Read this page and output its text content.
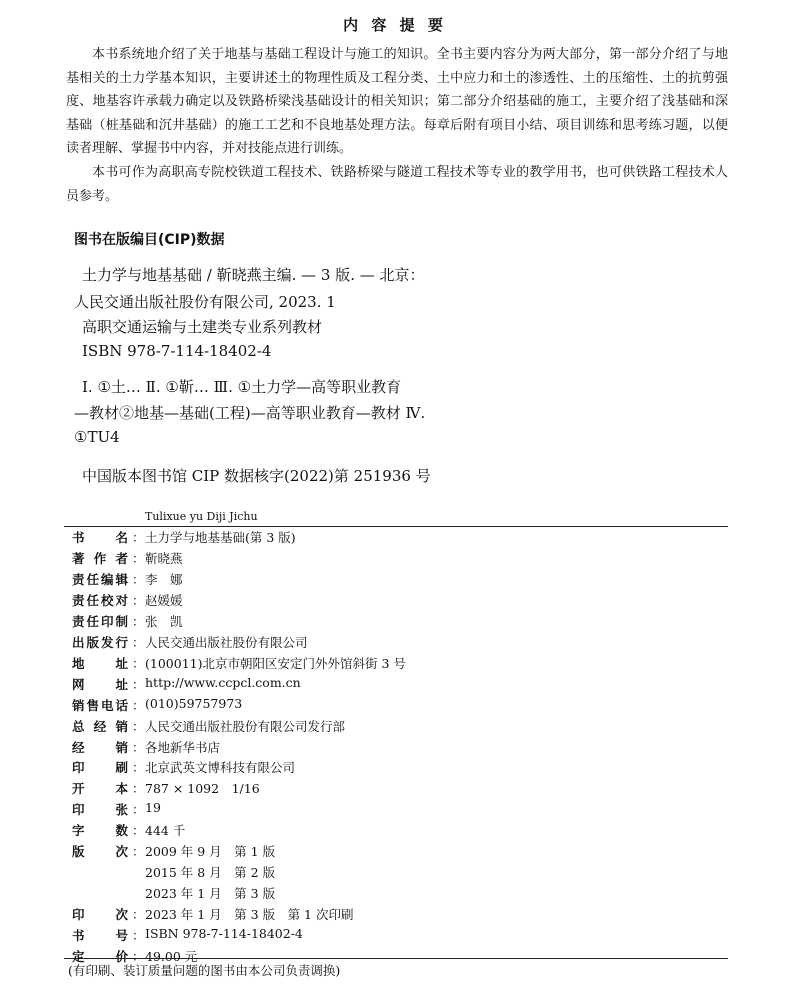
内 容 提 要

本书系统地介绍了关于地基与基础工程设计与施工的知识。全书主要内容分为两大部分，第一部分介绍了与地基相关的土力学基本知识，主要讲述土的物理性质及工程分类、土中应力和土的渗透性、土的压缩性、土的抗剪强度、地基容许承载力确定以及铁路桥梁浅基础设计的相关知识；第二部分介绍基础的施工，主要介绍了浅基础和深基础（桩基础和沉井基础）的施工工艺和不良地基处理方法。每章后附有项目小结、项目训练和思考练习题，以便读者理解、掌握书中内容，并对技能点进行训练。

本书可作为高职高专院校铁道工程技术、铁路桥梁与隧道工程技术等专业的教学用书，也可供铁路工程技术人员参考。

图书在版编目(CIP)数据
土力学与地基基础 / 靳晓燕主编. — 3 版. — 北京：
人民交通出版社股份有限公司, 2023. 1
高职交通运输与土建类专业系列教材
ISBN 978-7-114-18402-4
Ⅰ. ①土… Ⅱ. ①靳… Ⅲ. ①土力学—高等职业教育
—教材②地基—基础(工程)—高等职业教育—教材 Ⅳ.
①TU4
中国版本图书馆 CIP 数据核字(2022)第 251936 号
Tulixue yu Diji Jichu
书名 ： 土力学与地基基础(第 3 版)
著作者 ： 靳晓燕
责任编辑 ： 李　娜
责任校对 ： 赵媛媛
责任印制 ： 张　凯
出版发行 ： 人民交通出版社股份有限公司
地址 ： (100011)北京市朝阳区安定门外外馆斜街 3 号
网址 ： http://www.ccpcl.com.cn
销售电话 ： (010)59757973
总经销 ： 人民交通出版社股份有限公司发行部
经销 ： 各地新华书店
印刷 ： 北京武英文博科技有限公司
开本 ： 787 × 1092　1/16
印张 ： 19
字数 ： 444 千
版次 ： 2009 年 9 月　第 1 版
2015 年 8 月　第 2 版
2023 年 1 月　第 3 版
印次 ： 2023 年 1 月　第 3 版　第 1 次印刷
书号 ： ISBN 978-7-114-18402-4
定价 ： 49.00 元
(有印刷、装订质量问题的图书由本公司负责调换)
